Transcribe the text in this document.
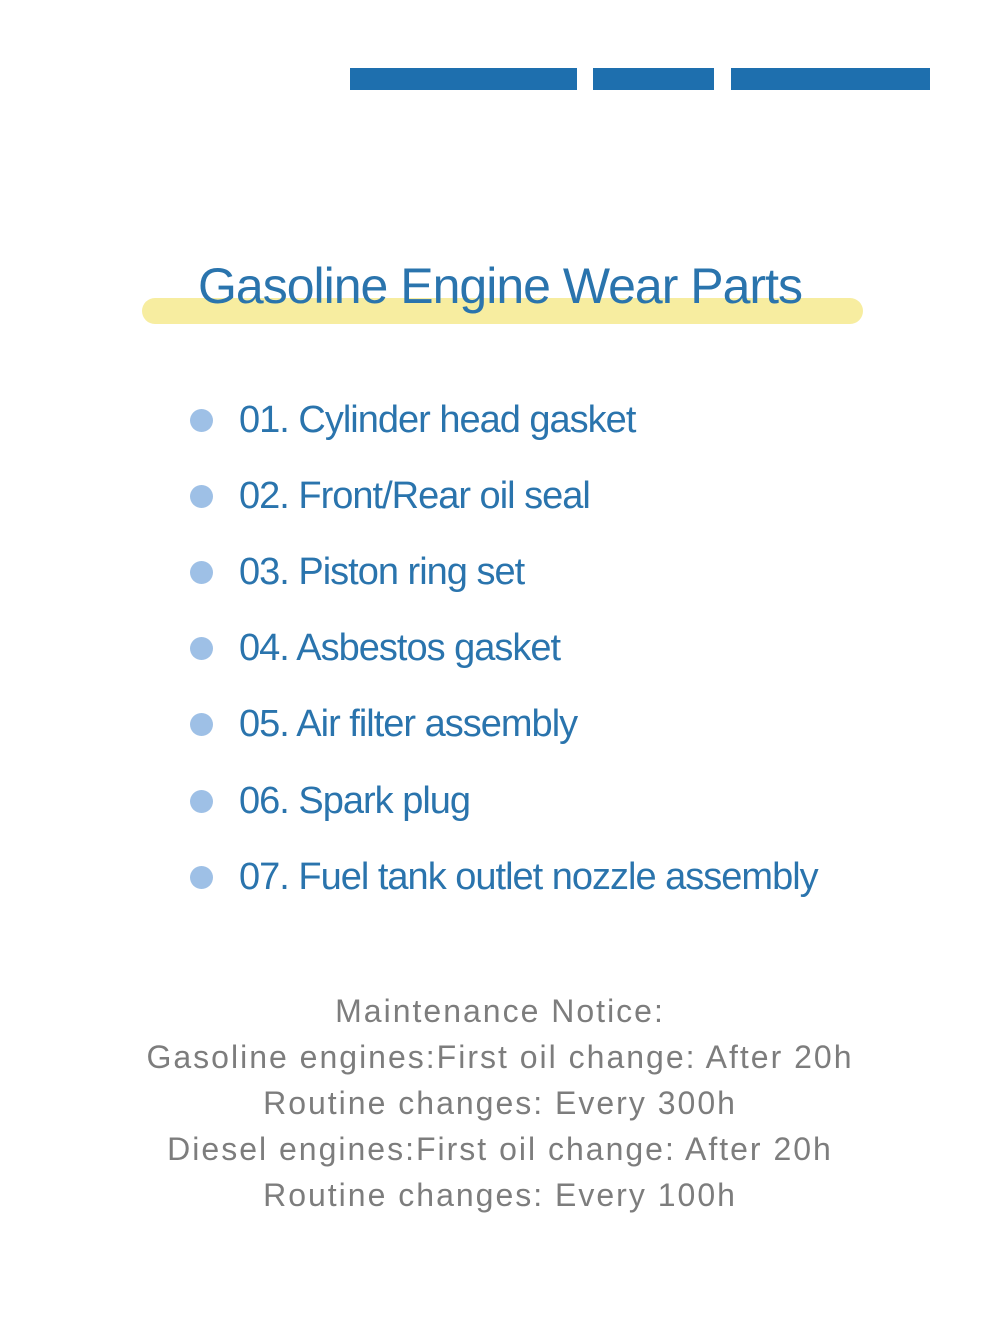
Gasoline Engine Wear Parts
01. Cylinder head gasket
02. Front/Rear oil seal
03. Piston ring set
04. Asbestos gasket
05. Air filter assembly
06. Spark plug
07. Fuel tank outlet nozzle assembly
Maintenance Notice:
Gasoline engines:First oil change: After 20h
Routine changes: Every 300h
Diesel engines:First oil change: After 20h
Routine changes: Every 100h
